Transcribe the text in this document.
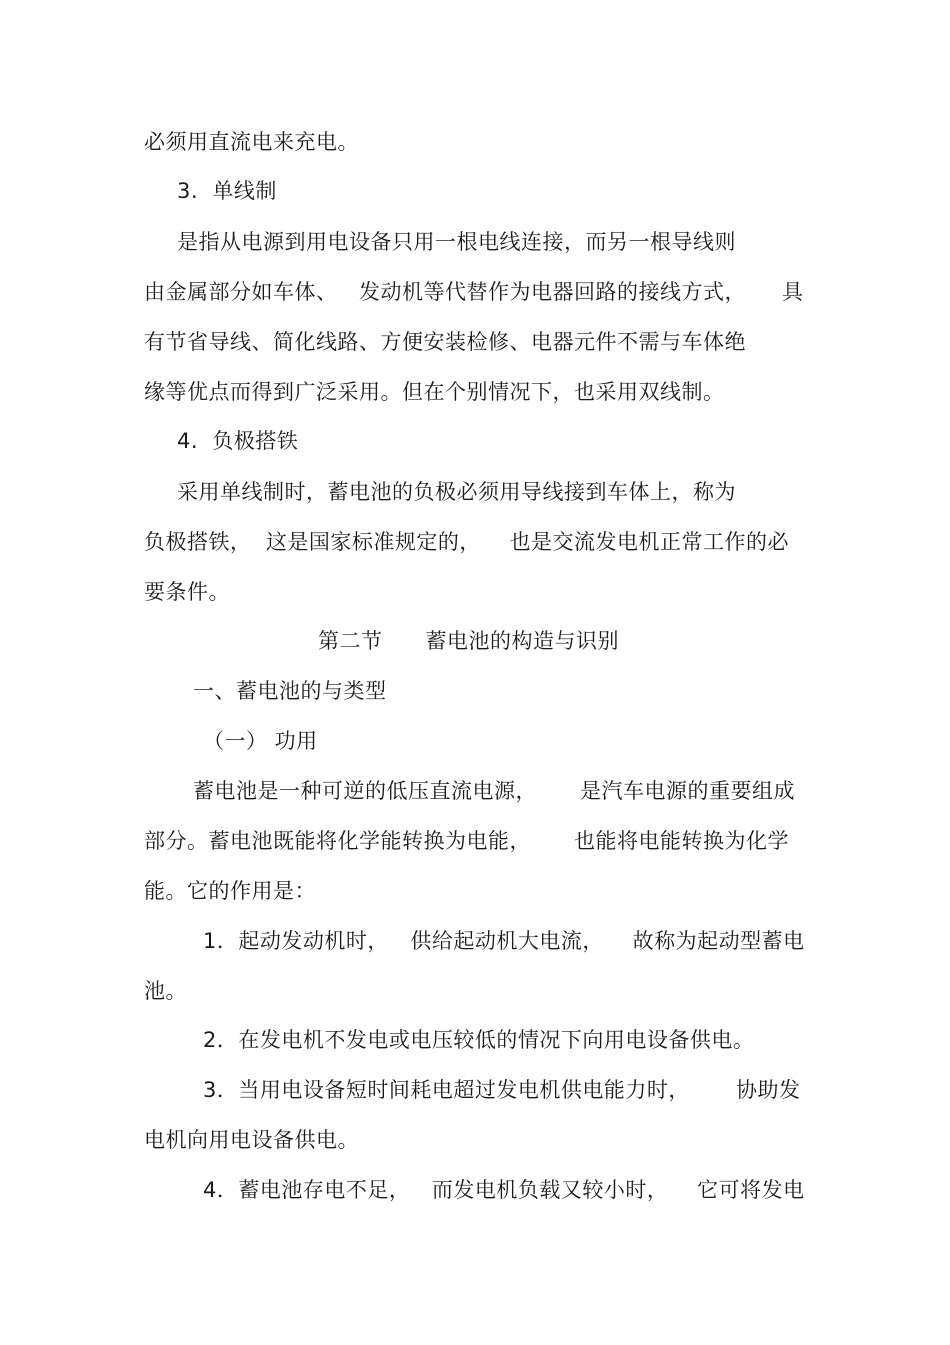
必须用直流电来充电。
3.  单线制
是指从电源到用电设备只用一根电线连接，而另一根导线则
由金属部分如车体、   发动机等代替作为电器回路的接线方式， 具
有节省导线、简化线路、方便安装检修、电器元件不需与车体绝
缘等优点而得到广泛采用。但在个别情况下，也采用双线制。
4.  负极搭铁
采用单线制时，蓄电池的负极必须用导线接到车体上，称为
负极搭铁，  这是国家标准规定的，    也是交流发电机正常工作的必
要条件。
第二节      蓄电池的构造与识别
一、蓄电池的与类型
（一） 功用
蓄电池是一种可逆的低压直流电源，      是汽车电源的重要组成
部分。蓄电池既能将化学能转换为电能，      也能将电能转换为化学
能。它的作用是：
1．起动发动机时，   供给起动机大电流，    故称为起动型蓄电
池。
2．在发电机不发电或电压较低的情况下向用电设备供电。
3．当用电设备短时间耗电超过发电机供电能力时， 协助发
电机向用电设备供电。
4．蓄电池存电不足，   而发电机负载又较小时，    它可将发电
